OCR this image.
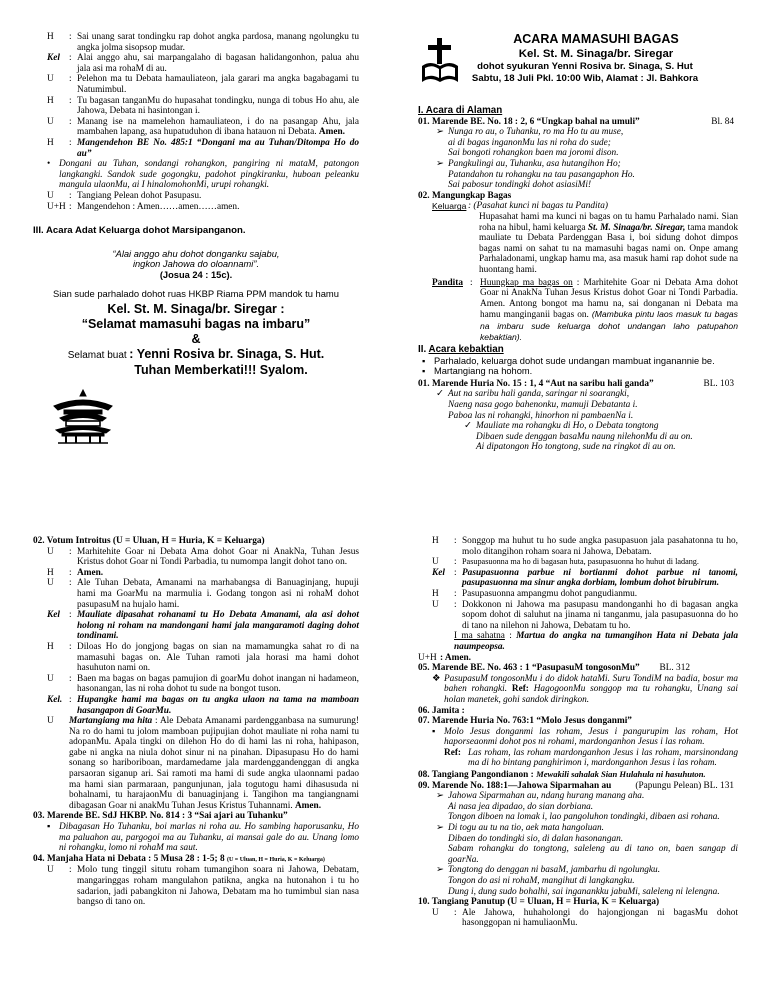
H	: Sai unang sarat tondingku rap dohot angka pardosa, manang ngolungku tu angka jolma sisopsop mudar.
Kel : Alai anggo ahu, sai marpangalaho di bagasan halidangonhon, palua ahu jala asi ma rohaM di au.
U	: Pelehon ma tu Debata hamauliateon, jala garari ma angka bagabagami tu Natumimbul.
H	: Tu bagasan tanganMu do hupasahat tondingku, nunga di tobus Ho ahu, ale Jahowa, Debata ni hasintongan i.
U	: Manang ise na mamelehon hamauliateon, i do na pasangap Ahu, jala mambahen lapang, asa hupatuduhon di ibana hatauon ni Debata. Amen.
H	: Mangendehon BE No. 485:1 “Dongani ma au Tuhan/Ditompa Ho do au”
• Dongani au Tuhan, sondangi rohangkon, pangiring ni mataM, patongon langkangki. Sandok sude gogongku, padohot pingkiranku, huboan peleanku mangula ulaonMu, ai I hinalomohonMi, urupi rohangki.
U	: Tangiang Pelean dohot Pasupasu.
U+H : Mangendehon : Amen……amen……amen.
III. Acara Adat Keluarga dohot Marsipanganon.
“Alai anggo ahu dohot donganku sajabu,
ingkon Jahowa do oloannami”.
(Josua 24 : 15c).
Sian sude parhalado dohot ruas HKBP Riama PPM mandok tu hamu
Kel. St. M. Sinaga/br. Siregar :
“Selamat mamasuhi bagas na imbaru”
&
Selamat buat : Yenni Rosiva br. Sinaga, S. Hut.
Tuhan Memberkati!!! Syalom.
ACARA MAMASUHI BAGAS
Kel. St. M. Sinaga/br. Siregar
dohot syukuran Yenni Rosiva br. Sinaga, S. Hut
Sabtu, 18 Juli Pkl. 10:00 Wib, Alamat : Jl. Bahkora
I. Acara di Alaman
01. Marende BE. No. 18 : 2, 6 “Ungkap bahal na umuli”	Bl. 84
➢ Nunga ro au, o Tuhanku, ro ma Ho tu au muse,
ai di bagas inganonMu las ni roha do sude;
Sai bongoti rohangkon baen ma joromi dison.
➢ Pangkulingi au, Tuhanku, asa hutangihon Ho;
Patandahon tu rohangku na tau pasangaphon Ho.
Sai pabosur tondingki dohot asiasiMi!
02. Mangungkap Bagas
Keluarga : (Pasahat kunci ni bagas tu Pandita)
Hupasahat hami ma kunci ni bagas on tu hamu Parhalado nami. Sian roha na hibul, hami keluarga St. M. Sinaga/br. Siregar, tama mandok mauliate tu Debata Pardenggan Basa i, boi sidung dohot dimpos bagas nami on sahat tu na mamasuhi bagas nami on. Onpe amang Parhaladonami, ungkap hamu ma, asa masuk hami rap dohot sude na huontang hami.
Pandita : Huungkap ma bagas on : Marhitehite Goar ni Debata Ama dohot Goar ni AnakNa Tuhan Jesus Kristus dohot Goar ni Tondi Parbadia. Amen. Antong bongot ma hamu na, sai donganan ni Debata ma hamu manginganii bagas on. (Mambuka pintu laos masuk tu bagas na imbaru sude keluarga dohot undangan laho patupahon kebaktian).
II. Acara kebaktian
▪ Parhalado, keluarga dohot sude undangan mambuat inganannie be.
▪ Martangiang na hohom.
01. Marende Huria No. 15 : 1, 4 “Aut na saribu hali ganda”	BL. 103
✓ Aut na saribu hali ganda, saringar ni soarangki,
Naeng nasa gogo bahenonku, mamuji Debatanta i.
Paboa las ni rohangki, hinorhon ni pambaenNa i.
✓ Mauliate ma rohangku di Ho, o Debata tongtong
Dibaen sude denggan basaMu naung nilehonMu di au on.
Ai dipatongon Ho tongtong, sude na ringkot di au on.
02. Votum Introitus (U = Uluan, H = Huria, K = Keluarga)
U	: Marhitehite Goar ni Debata Ama dohot Goar ni AnakNa, Tuhan Jesus Kristus dohot Goar ni Tondi Parbadia, tu numompa langit dohot tano on.
H	: Amen.
U	: Ale Tuhan Debata, Amanami na marhabangsa di Banuaginjang, hupuji hami ma GoarMu na marmulia i. Godang tongon asi ni rohaM dohot pasupasuM na hujalo hami.
Kel : Mauliate dipasahat rohanami tu Ho Debata Amanami, ala asi dohot holong ni roham na mandongani hami jala mangaramoti daging dohot tondinami.
H	: Diloas Ho do jongjong bagas on sian na mamamungka sahat ro di na mamasuhi bagas on. Ale Tuhan ramoti jala horasi ma hami dohot hasuhuton nami on.
U	: Baen ma bagas on bagas pamujion di goarMu dohot inangan ni hadameon, hasonangan, las ni roha dohot tu sude na bongot tuson.
Kel. : Hupangke hami ma bagas on tu angka ulaon na tama na mamboan hasangapon di GoarMu.
U	Martangiang ma hita : Ale Debata Amanami pardengganbasa na sumurung! Na ro do hami tu jolom mamboan pujipujian dohot mauliate ni roha nami tu adopanMu. Apala tingki on dilehon Ho do di hami las ni roha, hahipason, gabe ni angka na niula dohot sinur ni na pinahan. Dipasupasu Ho do hami sonang so hariboriboan, mardamedame jala mardenggandenggan di angka parsaoran siganup ari. Sai ramoti ma hami di sude angka ulaonnami padao ma hami sian parmaraan, pangunjunan, jala togutogu hami dihasusuda ni bohalnami, tu harajaonMu di banuaginjang i. Tangihon ma tangiangnami dibagasan Goar ni anakMu Tuhan Jesus Kristus Tuhannami. Amen.
03. Marende BE. SdJ HKBP. No. 814 : 3 “Sai ajari au Tuhanku”
▪ Dibagasan Ho Tuhanku, boi marlas ni roha au. Ho sambing haporusanku, Ho ma paluahon au, pargogoi ma au Tuhanku, ai mansai gale do au. Unang lomo ni rohangku, lomo ni rohaM ma saut.
04. Manjaha Hata ni Debata : 5 Musa 28 : 1-5; 8 (U = Uluan, H = Huria, K = Keluarga)
U	: Molo tung tinggil situtu roham tumangihon soara ni Jahowa, Debatam, mangaringgas roham mangulahon patikna, angka na hutonahon i tu ho sadarion, jadi pabangkiton ni Jahowa, Debatam ma ho tumimbul sian nasa bangso di tano on.
H	: Songgop ma huhut tu ho sude angka pasupasuon jala pasahatonna tu ho, molo ditangihon roham soara ni Jahowa, Debatam.
U	: Pasupasuonna ma ho di bagasan huta, pasupasuonna ho huhut di ladang.
Kel : Pasupasuonna parbue ni bortianmi dohot parbue ni tanomi, pasupasuonna ma sinur angka dorbiam, lombum dohot birubirum.
H	: Pasupasuonna ampangmu dohot pangudianmu.
U	: Dokkonon ni Jahowa ma pasupasu mandonganhi ho di bagasan angka sopom dohot di saluhut na jinama ni tanganmu, jala pasupasuonna do ho di tano na nilehon ni Jahowa, Debatam tu ho.
I ma sahatna : Martua do angka na tumangihon Hata ni Debata jala naumpeopsa.
U+H : Amen.
05. Marende BE. No. 463 : 1 “PasupasuM tongosonMu” BL. 312
❖ PasupasuM tongosonMu i do didok hataMi. Suru TondiM na badia, bosur ma bahen rohangki. Ref: HagogoonMu songgop ma tu rohangku, Unang sai holan manetek, gohi sandok diringkon.
06. Jamita :
07. Marende Huria No. 763:1 “Molo Jesus donganmi”
▪ Molo Jesus donganmi las roham, Jesus i pangurupim las roham, Hot haporseaonmi dohot pos ni rohami, mardonganhon Jesus i las roham.
Ref: Las roham, las roham mardonganhon Jesus i las roham, marsinondang ma di ho bintang panghirimon i, mardonganhon Jesus i las roham.
08. Tangiang Pangondianon : Mewakili sahalak Sian Hulahula ni hasuhuton.
09. Marende No. 188:1—Jahowa Siparmahan au	(Papungu Pelean) BL. 131
➢ Jahowa Siparmahan au, ndang hurang manang aha.
Ai nasa jea dipadao, do sian dorbiana.
Tongon diboen na lomak i, lao pangoluhon tondingki, dibaen asi rohana.
➢ Di togu au tu na tio, aek mata hangoluan.
Dibaen do tondingki sio, di dalan hasonangan.
Sabam rohangku do tongtong, saleleng au di tano on, baen sangap di goarNa.
➢ Tongtong do denggan ni basaM, jambarhu di ngolungku.
Tongon do asi ni rohaM, mangihut di langkangku.
Dung i, dung sudo bohalhi, sai inganankku jabuMi, saleleng ni lelengna.
10. Tangiang Panutup (U = Uluan, H = Huria, K = Keluarga)
U	: Ale Jahowa, huhaholongi do hajongjongan ni bagasMu dohot hasonggopan ni hamuliaonMu.
